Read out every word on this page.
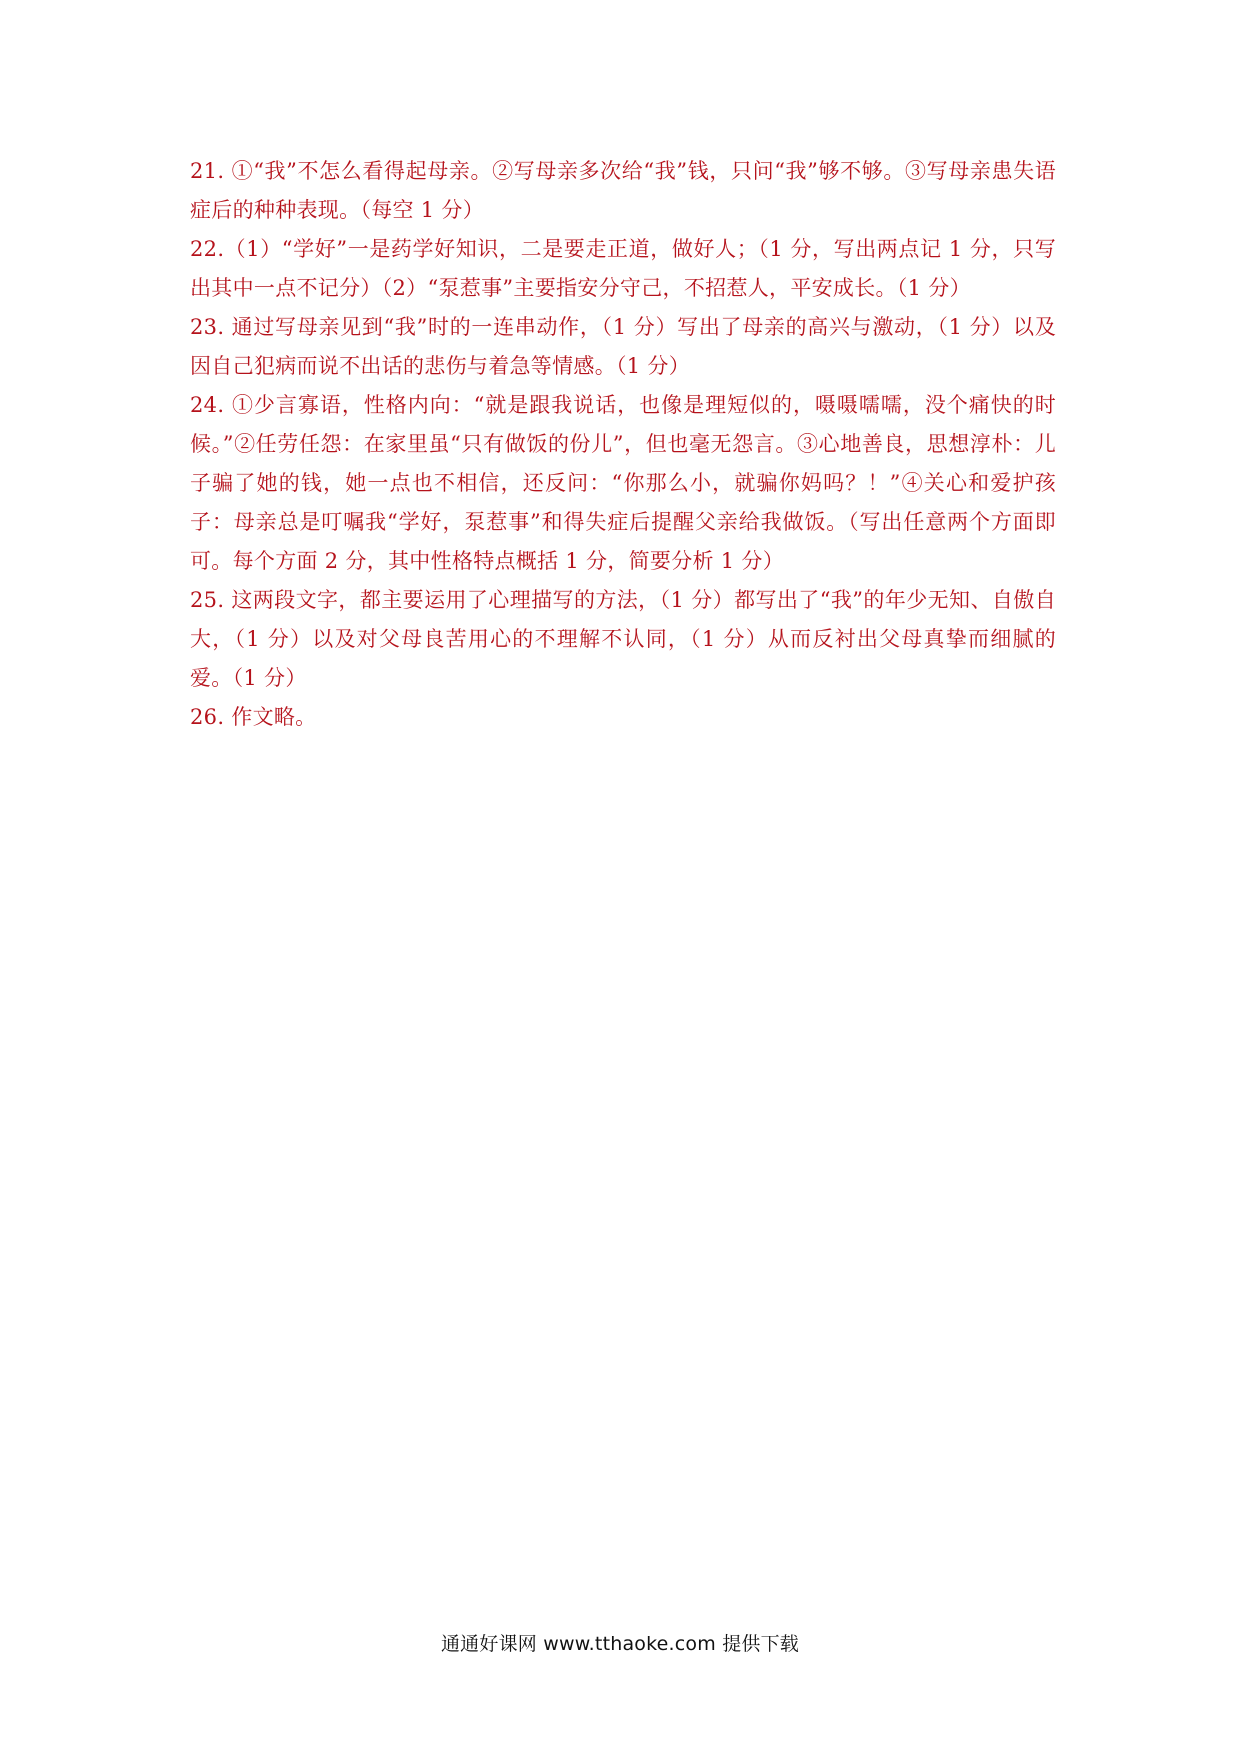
21. ①“我”不怎么看得起母亲。②写母亲多次给“我”钱，只问“我”够不够。③写母亲患失语症后的种种表现。（每空 1 分）

22.（1）“学好”一是药学好知识，二是要走正道，做好人；（1 分，写出两点记 1 分，只写出其中一点不记分）（2）“泵惹事”主要指安分守己，不招惹人，平安成长。（1 分）

23. 通过写母亲见到“我”时的一连串动作，（1 分）写出了母亲的高兴与激动，（1 分）以及因自己犯病而说不出话的悲伤与着急等情感。（1 分）

24. ①少言寡语，性格内向：“就是跟我说话，也像是理短似的，嗫嗫嚅嚅，没个痛快的时候。”②任劳任怨：在家里虽“只有做饭的份儿”，但也毫无怨言。③心地善良，思想淳朴：儿子骗了她的钱，她一点也不相信，还反问：“你那么小，就骗你妈吗？！”④关心和爱护孩子：母亲总是叮嘱我“学好，泵惹事”和得失症后提醒父亲给我做饭。（写出任意两个方面即可。每个方面 2 分，其中性格特点概括 1 分，简要分析 1 分）

25. 这两段文字，都主要运用了心理描写的方法，（1 分）都写出了“我”的年少无知、自傲自大，（1 分）以及对父母良苦用心的不理解不认同，（1 分）从而反衬出父母真挚而细腻的爱。（1 分）

26. 作文略。

通通好课网 www.tthaoke.com 提供下载
